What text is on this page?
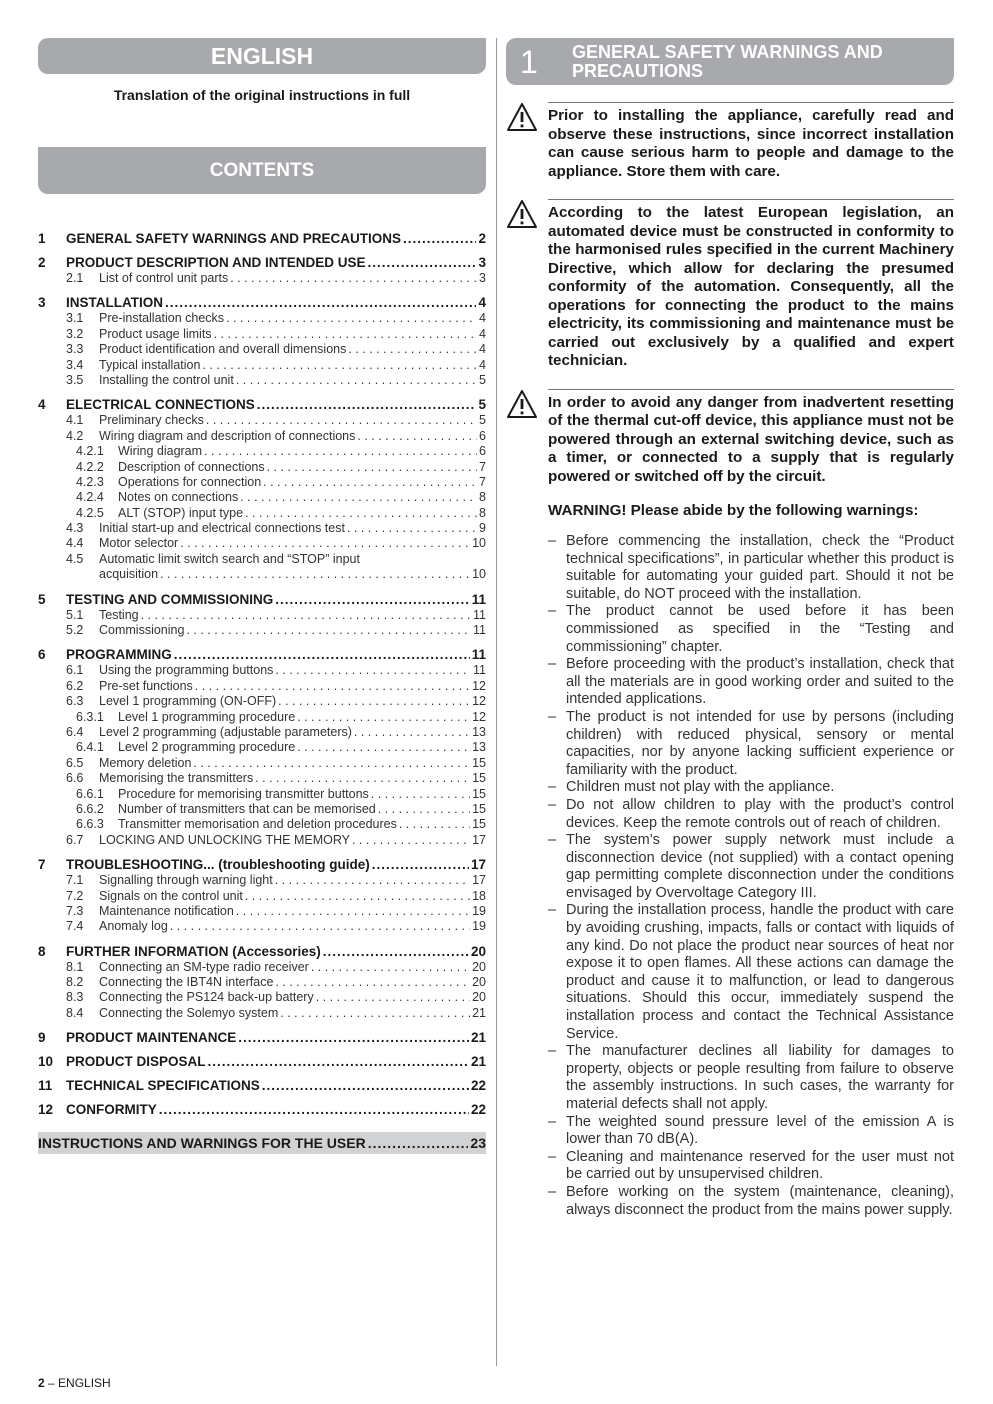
ENGLISH
Translation of the original instructions in full
CONTENTS
1	GENERAL SAFETY WARNINGS AND PRECAUTIONS .....	2
2	PRODUCT DESCRIPTION AND INTENDED USE .....	3
2.1	List of control unit parts . . .	3
3	INSTALLATION .....	4
3.1	Pre-installation checks . . .	4
3.2	Product usage limits . . .	4
3.3	Product identification and overall dimensions . . .	4
3.4	Typical installation . . .	4
3.5	Installing the control unit . . .	5
4	ELECTRICAL CONNECTIONS .....	5
4.1	Preliminary checks . . .	5
4.2	Wiring diagram and description of connections . . .	6
4.2.1	Wiring diagram . . .	6
4.2.2	Description of connections . . .	7
4.2.3	Operations for connection . . .	7
4.2.4	Notes on connections . . .	8
4.2.5	ALT (STOP) input type . . .	8
4.3	Initial start-up and electrical connections test . . .	9
4.4	Motor selector . . .	10
4.5	Automatic limit switch search and “STOP” input
acquisition . . .	10
5	TESTING AND COMMISSIONING .....	11
5.1	Testing . . .	11
5.2	Commissioning . . .	11
6	PROGRAMMING .....	11
6.1	Using the programming buttons . . .	11
6.2	Pre-set functions . . .	12
6.3	Level 1 programming (ON-OFF) . . .	12
6.3.1	Level 1 programming procedure . . .	12
6.4	Level 2 programming (adjustable parameters) . . .	13
6.4.1	Level 2 programming procedure . . .	13
6.5	Memory deletion . . .	15
6.6	Memorising the transmitters . . .	15
6.6.1	Procedure for memorising transmitter buttons . . .	15
6.6.2	Number of transmitters that can be memorised . . .	15
6.6.3	Transmitter memorisation and deletion procedures . . .	15
6.7	LOCKING AND UNLOCKING THE MEMORY . . .	17
7	TROUBLESHOOTING... (troubleshooting guide) .....	17
7.1	Signalling through warning light . . .	17
7.2	Signals on the control unit . . .	18
7.3	Maintenance notification . . .	19
7.4	Anomaly log . . .	19
8	FURTHER INFORMATION (Accessories) .....	20
8.1	Connecting an SM-type radio receiver . . .	20
8.2	Connecting the IBT4N interface . . .	20
8.3	Connecting the PS124 back-up battery . . .	20
8.4	Connecting the Solemyo system . . .	21
9	PRODUCT MAINTENANCE .....	21
10 PRODUCT DISPOSAL .....	21
11	TECHNICAL SPECIFICATIONS .....	22
12 CONFORMITY .....	22
INSTRUCTIONS AND WARNINGS FOR THE USER .....	23
1 GENERAL SAFETY WARNINGS AND
PRECAUTIONS
Prior to installing the appliance, carefully read and observe these instructions, since incorrect installation can cause serious harm to people and damage to the appliance. Store them with care.
According to the latest European legislation, an automated device must be constructed in conformity to the harmonised rules specified in the current Machinery Directive, which allow for declaring the presumed conformity of the automation. Consequently, all the operations for connecting the product to the mains electricity, its commissioning and maintenance must be carried out exclusively by a qualified and expert technician.
In order to avoid any danger from inadvertent resetting of the thermal cut-off device, this appliance must not be powered through an external switching device, such as a timer, or connected to a supply that is regularly powered or switched off by the circuit.
WARNING! Please abide by the following warnings:
– Before commencing the installation, check the “Product technical specifications”, in particular whether this product is suitable for automating your guided part. Should it not be suitable, do NOT proceed with the installation.
– The product cannot be used before it has been commissioned as specified in the “Testing and commissioning” chapter.
– Before proceeding with the product’s installation, check that all the materials are in good working order and suited to the intended applications.
– The product is not intended for use by persons (including children) with reduced physical, sensory or mental capacities, nor by anyone lacking sufficient experience or familiarity with the product.
– Children must not play with the appliance.
– Do not allow children to play with the product’s control devices. Keep the remote controls out of reach of children.
– The system’s power supply network must include a disconnection device (not supplied) with a contact opening gap permitting complete disconnection under the conditions envisaged by Overvoltage Category III.
– During the installation process, handle the product with care by avoiding crushing, impacts, falls or contact with liquids of any kind. Do not place the product near sources of heat nor expose it to open flames. All these actions can damage the product and cause it to malfunction, or lead to dangerous situations. Should this occur, immediately suspend the installation process and contact the Technical Assistance Service.
– The manufacturer declines all liability for damages to property, objects or people resulting from failure to observe the assembly instructions. In such cases, the warranty for material defects shall not apply.
– The weighted sound pressure level of the emission A is lower than 70 dB(A).
– Cleaning and maintenance reserved for the user must not be carried out by unsupervised children.
– Before working on the system (maintenance, cleaning), always disconnect the product from the mains power supply.
2 – ENGLISH
